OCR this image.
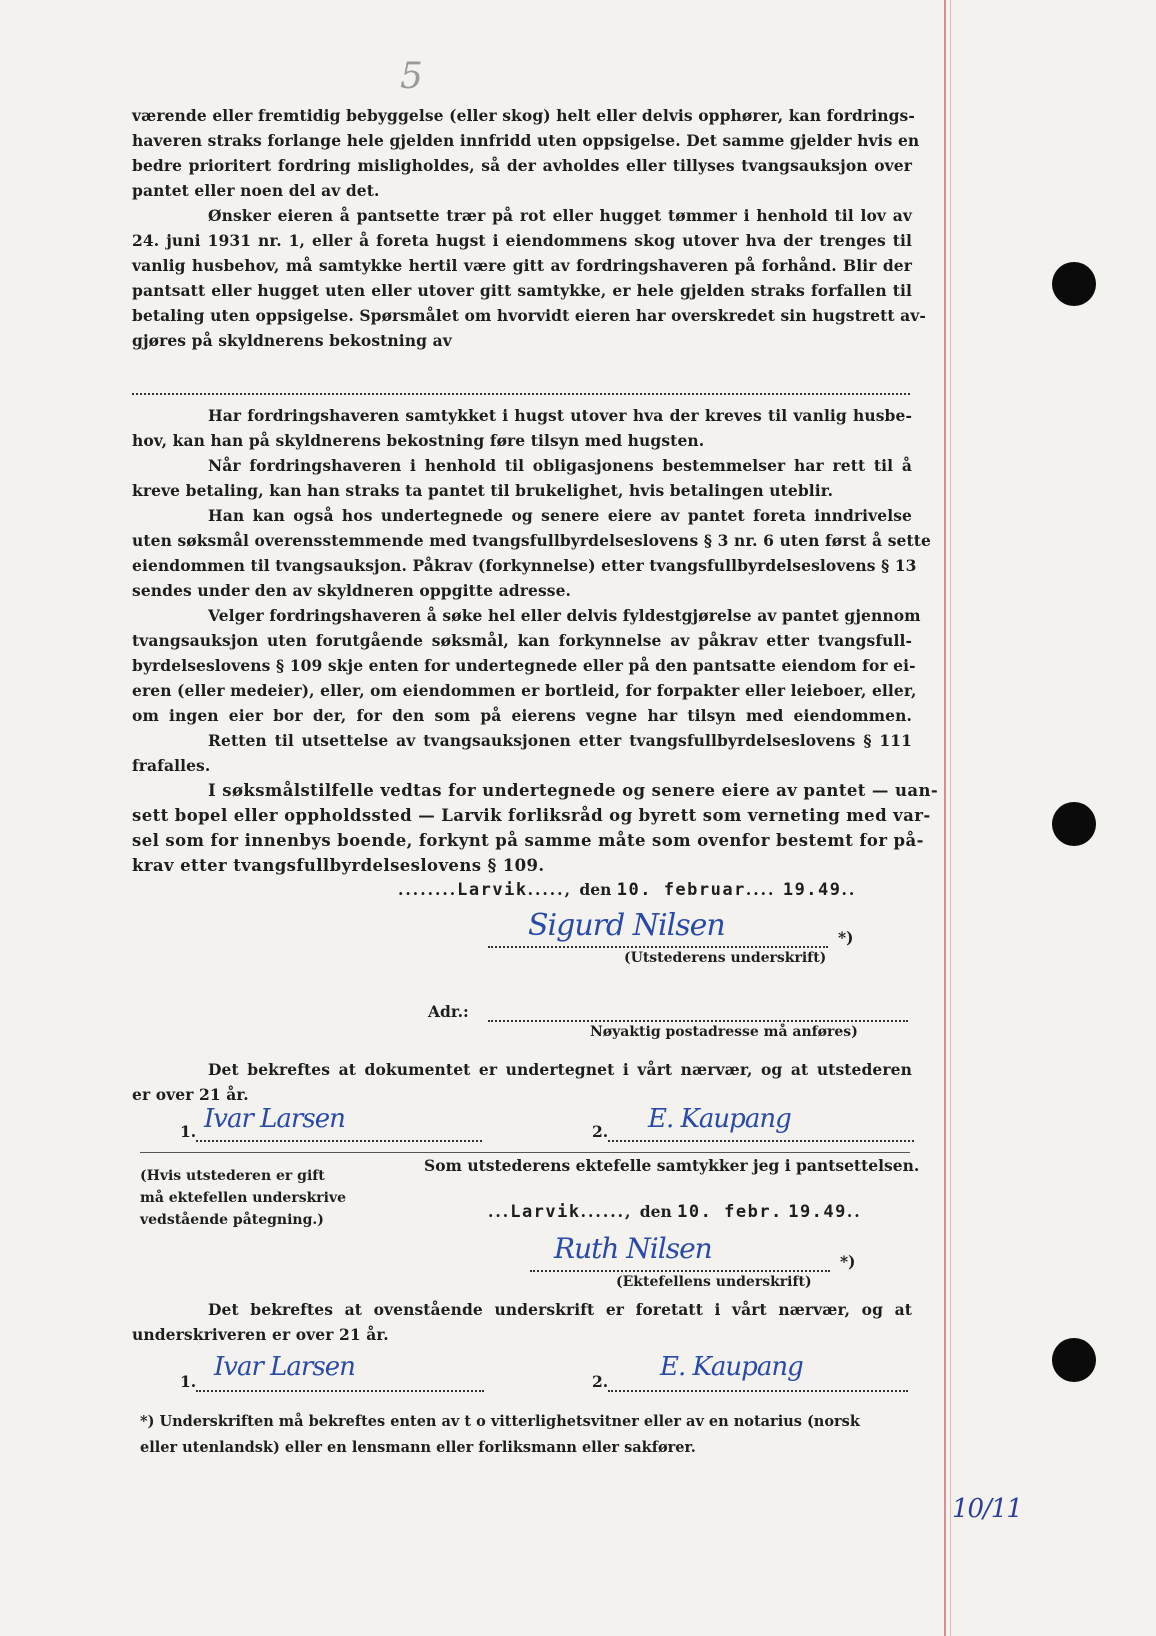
5
værende eller fremtidig bebyggelse (eller skog) helt eller delvis opphører, kan fordrings-
haveren straks forlange hele gjelden innfridd uten oppsigelse. Det samme gjelder hvis en
bedre prioritert fordring misligholdes, så der avholdes eller tillyses tvangsauksjon over
pantet eller noen del av det.
Ønsker eieren å pantsette trær på rot eller hugget tømmer i henhold til lov av
24. juni 1931 nr. 1, eller å foreta hugst i eiendommens skog utover hva der trenges til
vanlig husbehov, må samtykke hertil være gitt av fordringshaveren på forhånd. Blir der
pantsatt eller hugget uten eller utover gitt samtykke, er hele gjelden straks forfallen til
betaling uten oppsigelse. Spørsmålet om hvorvidt eieren har overskredet sin hugstrett av-
gjøres på skyldnerens bekostning av
Har fordringshaveren samtykket i hugst utover hva der kreves til vanlig husbe-
hov, kan han på skyldnerens bekostning føre tilsyn med hugsten.
Når fordringshaveren i henhold til obligasjonens bestemmelser har rett til å
kreve betaling, kan han straks ta pantet til brukelighet, hvis betalingen uteblir.
Han kan også hos undertegnede og senere eiere av pantet foreta inndrivelse
uten søksmål overensstemmende med tvangsfullbyrdelseslovens § 3 nr. 6 uten først å sette
eiendommen til tvangsauksjon. Påkrav (forkynnelse) etter tvangsfullbyrdelseslovens § 13
sendes under den av skyldneren oppgitte adresse.
Velger fordringshaveren å søke hel eller delvis fyldestgjørelse av pantet gjennom
tvangsauksjon uten forutgående søksmål, kan forkynnelse av påkrav etter tvangsfull-
byrdelseslovens § 109 skje enten for undertegnede eller på den pantsatte eiendom for ei-
eren (eller medeier), eller, om eiendommen er bortleid, for forpakter eller leieboer, eller,
om ingen eier bor der, for den som på eierens vegne har tilsyn med eiendommen.
Retten til utsettelse av tvangsauksjonen etter tvangsfullbyrdelseslovens § 111
frafalles.
I søksmålstilfelle vedtas for undertegnede og senere eiere av pantet — uan-
sett bopel eller oppholdssted — Larvik forliksråd og byrett som verneting med var-
sel som for innenbys boende, forkynt på samme måte som ovenfor bestemt for på-
krav etter tvangsfullbyrdelseslovens § 109.
........Larvik....., den 10. februar.... 19.49..
Sigurd Nilsen	*)
(Utstederens underskrift)
Adr.:
Nøyaktig postadresse må anføres)
Det bekreftes at dokumentet er undertegnet i vårt nærvær, og at utstederen
er over 21 år.
1. Ivar Larsen	2. E. Kaupang
Som utstederens ektefelle samtykker jeg i pantsettelsen.
(Hvis utstederen er gift
må ektefellen underskrive
vedstående påtegning.)	...Larvik......, den 10. febr. 19.49..
Ruth Nilsen	*)
(Ektefellens underskrift)
Det bekreftes at ovenstående underskrift er foretatt i vårt nærvær, og at
underskriveren er over 21 år.
1. Ivar Larsen	2. E. Kaupang
*) Underskriften må bekreftes enten av t o vitterlighetsvitner eller av en notarius (norsk
eller utenlandsk) eller en lensmann eller forliksmann eller sakfører.
10/11
